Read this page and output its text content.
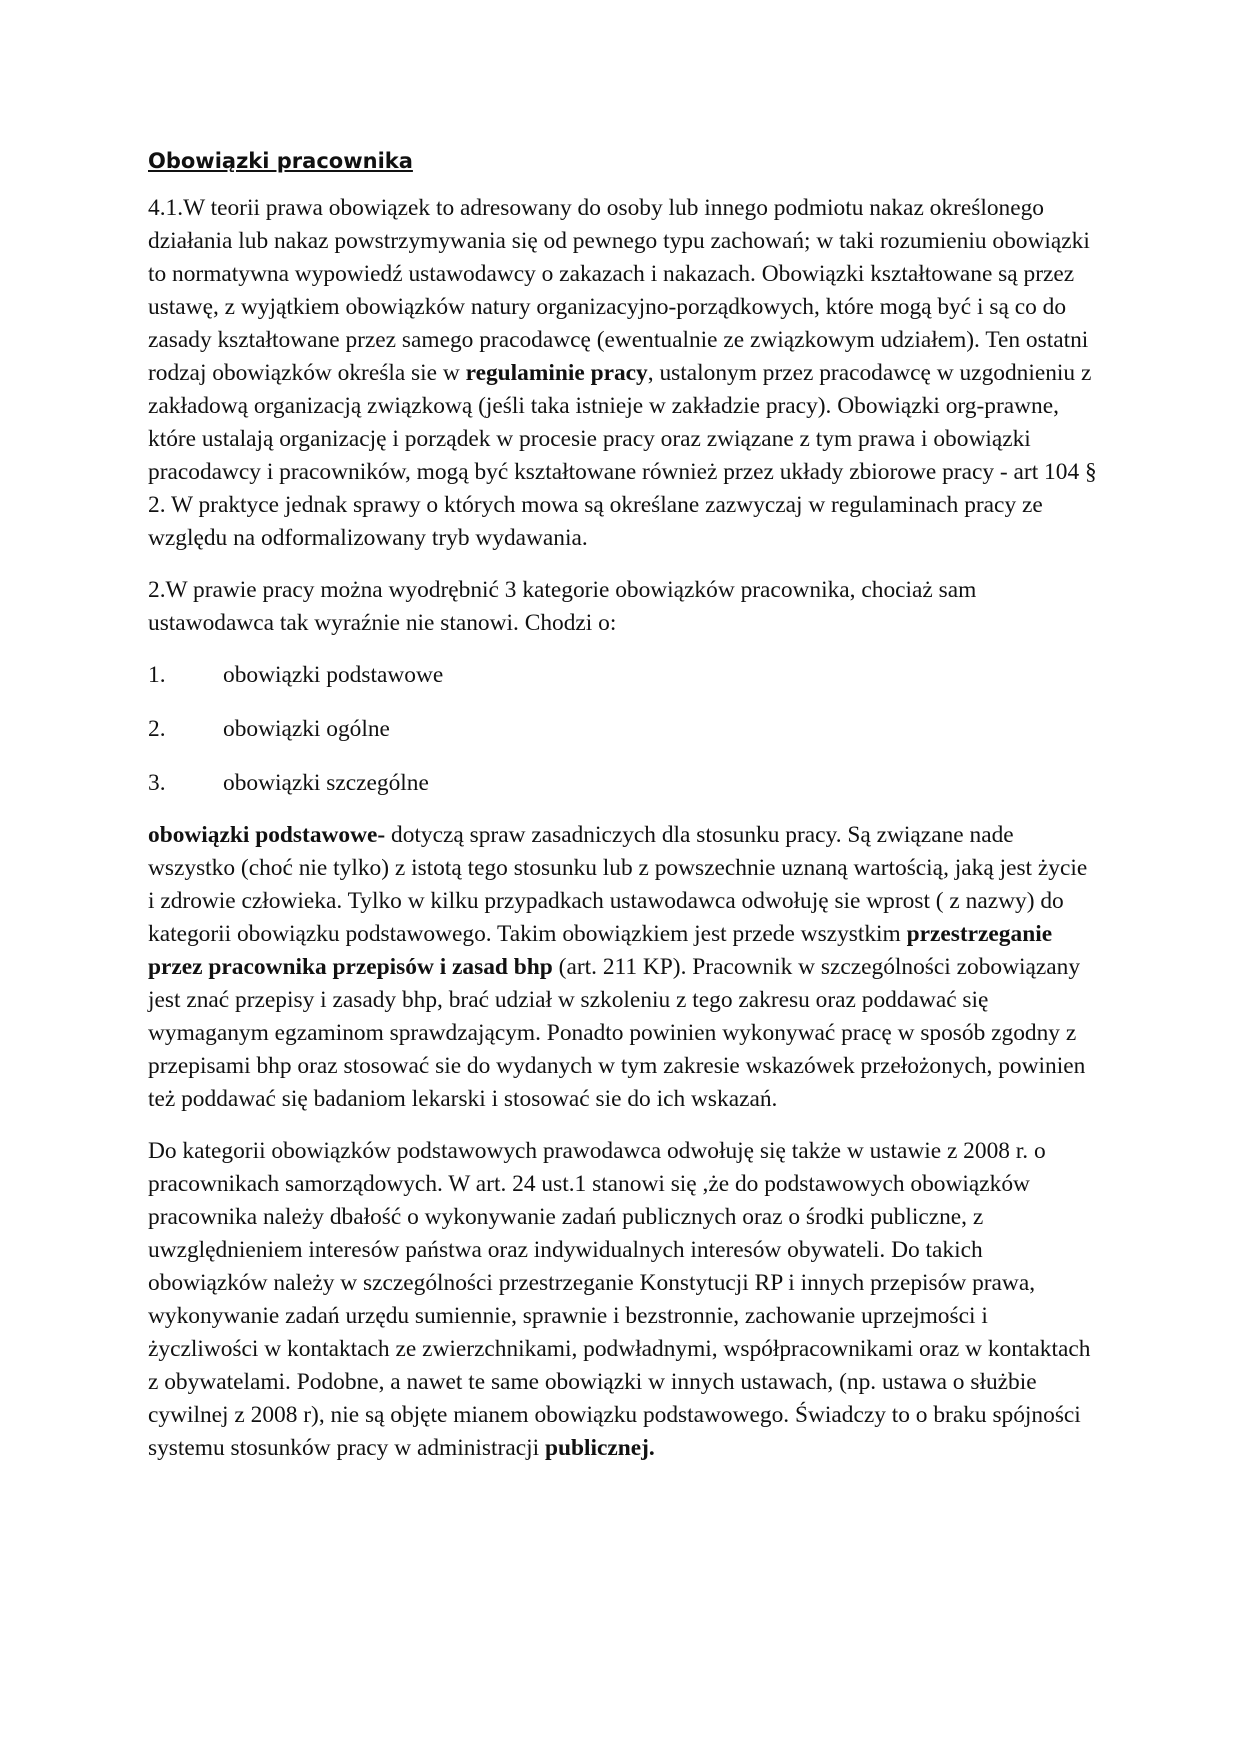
Obowiązki pracownika

4.1.W teorii prawa obowiązek to adresowany do osoby lub innego podmiotu nakaz określonego działania lub nakaz powstrzymywania się od pewnego typu zachowań; w taki rozumieniu obowiązki to normatywna wypowiedź ustawodawcy o zakazach i nakazach. Obowiązki kształtowane są przez ustawę, z wyjątkiem obowiązków natury organizacyjno-porządkowych, które mogą być i są co do zasady kształtowane przez samego pracodawcę (ewentualnie ze związkowym udziałem). Ten ostatni rodzaj obowiązków określa sie w regulaminie pracy, ustalonym przez pracodawcę w uzgodnieniu z zakładową organizacją związkową (jeśli taka istnieje w zakładzie pracy). Obowiązki org-prawne, które ustalają organizację i porządek w procesie pracy oraz związane z tym prawa i obowiązki pracodawcy i pracowników, mogą być kształtowane również przez układy zbiorowe pracy - art 104 § 2. W praktyce jednak sprawy o których mowa są określane zazwyczaj w regulaminach pracy ze względu na odformalizowany tryb wydawania.

2.W prawie pracy można wyodrębnić 3 kategorie obowiązków pracownika, chociaż sam ustawodawca tak wyraźnie nie stanowi. Chodzi o:

1.	obowiązki podstawowe
2.	obowiązki ogólne
3.	obowiązki szczególne

obowiązki podstawowe- dotyczą spraw zasadniczych dla stosunku pracy. Są związane nade wszystko (choć nie tylko) z istotą tego stosunku lub z powszechnie uznaną wartością, jaką jest życie i zdrowie człowieka. Tylko w kilku przypadkach ustawodawca odwołuję sie wprost ( z nazwy) do kategorii obowiązku podstawowego. Takim obowiązkiem jest przede wszystkim przestrzeganie przez pracownika przepisów i zasad bhp (art. 211 KP). Pracownik w szczególności zobowiązany jest znać przepisy i zasady bhp, brać udział w szkoleniu z tego zakresu oraz poddawać się wymaganym egzaminom sprawdzającym. Ponadto powinien wykonywać pracę w sposób zgodny z przepisami bhp oraz stosować sie do wydanych w tym zakresie wskazówek przełożonych, powinien też poddawać się badaniom lekarski i stosować sie do ich wskazań.

Do kategorii obowiązków podstawowych prawodawca odwołuję się także w ustawie z 2008 r. o pracownikach samorządowych. W art. 24 ust.1 stanowi się ,że do podstawowych obowiązków pracownika należy dbałość o wykonywanie zadań publicznych oraz o środki publiczne, z uwzględnieniem interesów państwa oraz indywidualnych interesów obywateli. Do takich obowiązków należy w szczególności przestrzeganie Konstytucji RP i innych przepisów prawa, wykonywanie zadań urzędu sumiennie, sprawnie i bezstronnie, zachowanie uprzejmości i życzliwości w kontaktach ze zwierzchnikami, podwładnymi, współpracownikami oraz w kontaktach z obywatelami. Podobne, a nawet te same obowiązki w innych ustawach, (np. ustawa o służbie cywilnej z 2008 r), nie są objęte mianem obowiązku podstawowego. Świadczy to o braku spójności systemu stosunków pracy w administracji publicznej.
